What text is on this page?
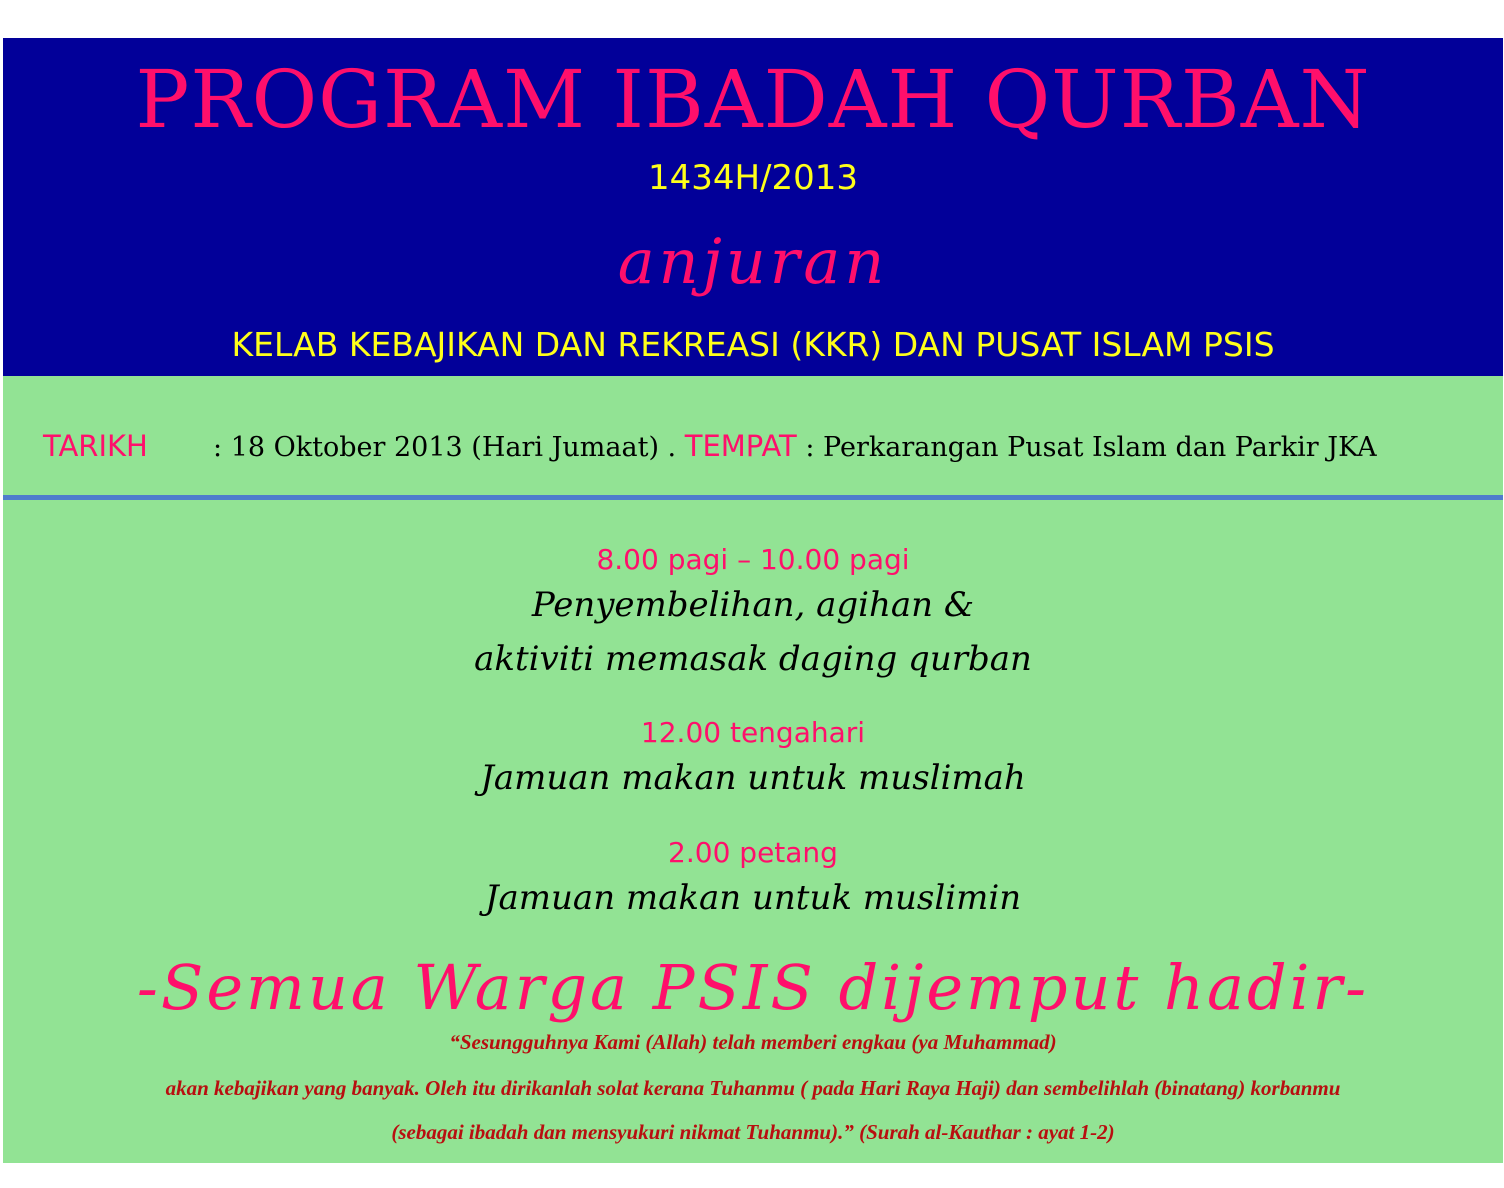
PROGRAM IBADAH QURBAN
1434H/2013
anjuran
KELAB KEBAJIKAN DAN REKREASI (KKR) DAN PUSAT ISLAM PSIS
TARIKH : 18 Oktober 2013 (Hari Jumaat) . TEMPAT : Perkarangan Pusat Islam dan Parkir JKA
8.00 pagi – 10.00 pagi
Penyembelihan, agihan &
aktiviti memasak daging qurban
12.00 tengahari
Jamuan makan untuk muslimah
2.00 petang
Jamuan makan untuk muslimin
-Semua Warga PSIS dijemput hadir-
“Sesungguhnya Kami (Allah) telah memberi engkau (ya Muhammad)
akan kebajikan yang banyak. Oleh itu dirikanlah solat kerana Tuhanmu ( pada Hari Raya Haji) dan sembelihlah (binatang) korbanmu
(sebagai ibadah dan mensyukuri nikmat Tuhanmu).” (Surah al-Kauthar : ayat 1-2)
